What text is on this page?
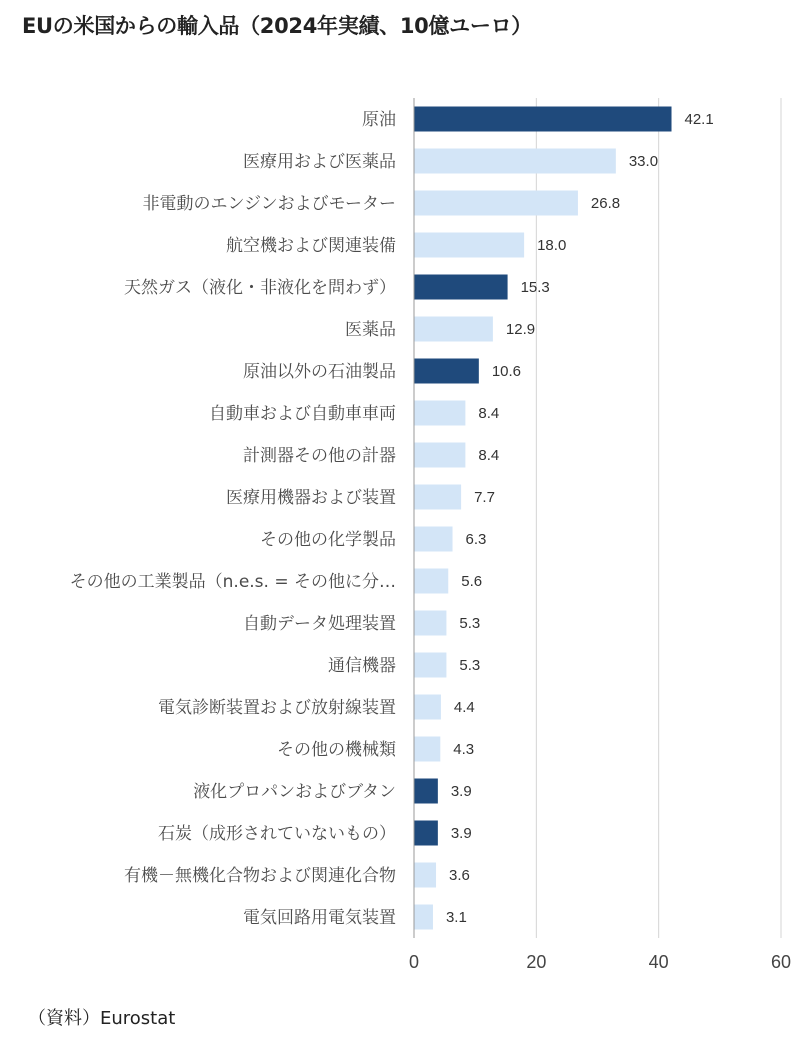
EUの米国からの輸入品（2024年実績、10億ユーロ）
原油
医療用および医薬品
非電動のエンジンおよびモーター
航空機および関連装備
天然ガス（液化・非液化を問わず）
医薬品
原油以外の石油製品
自動車および自動車車両
計測器その他の計器
医療用機器および装置
その他の化学製品
その他の工業製品（n.e.s. = その他に分…
自動データ処理装置
通信機器
電気診断装置および放射線装置
その他の機械類
液化プロパンおよびブタン
石炭（成形されていないもの）
有機－無機化合物および関連化合物
電気回路用電気装置
42.1
33.0
26.8
18.0
15.3
12.9
10.6
8.4
8.4
7.7
6.3
5.6
5.3
5.3
4.4
4.3
3.9
3.9
3.6
3.1
0	20	40	60
（資料）Eurostat
